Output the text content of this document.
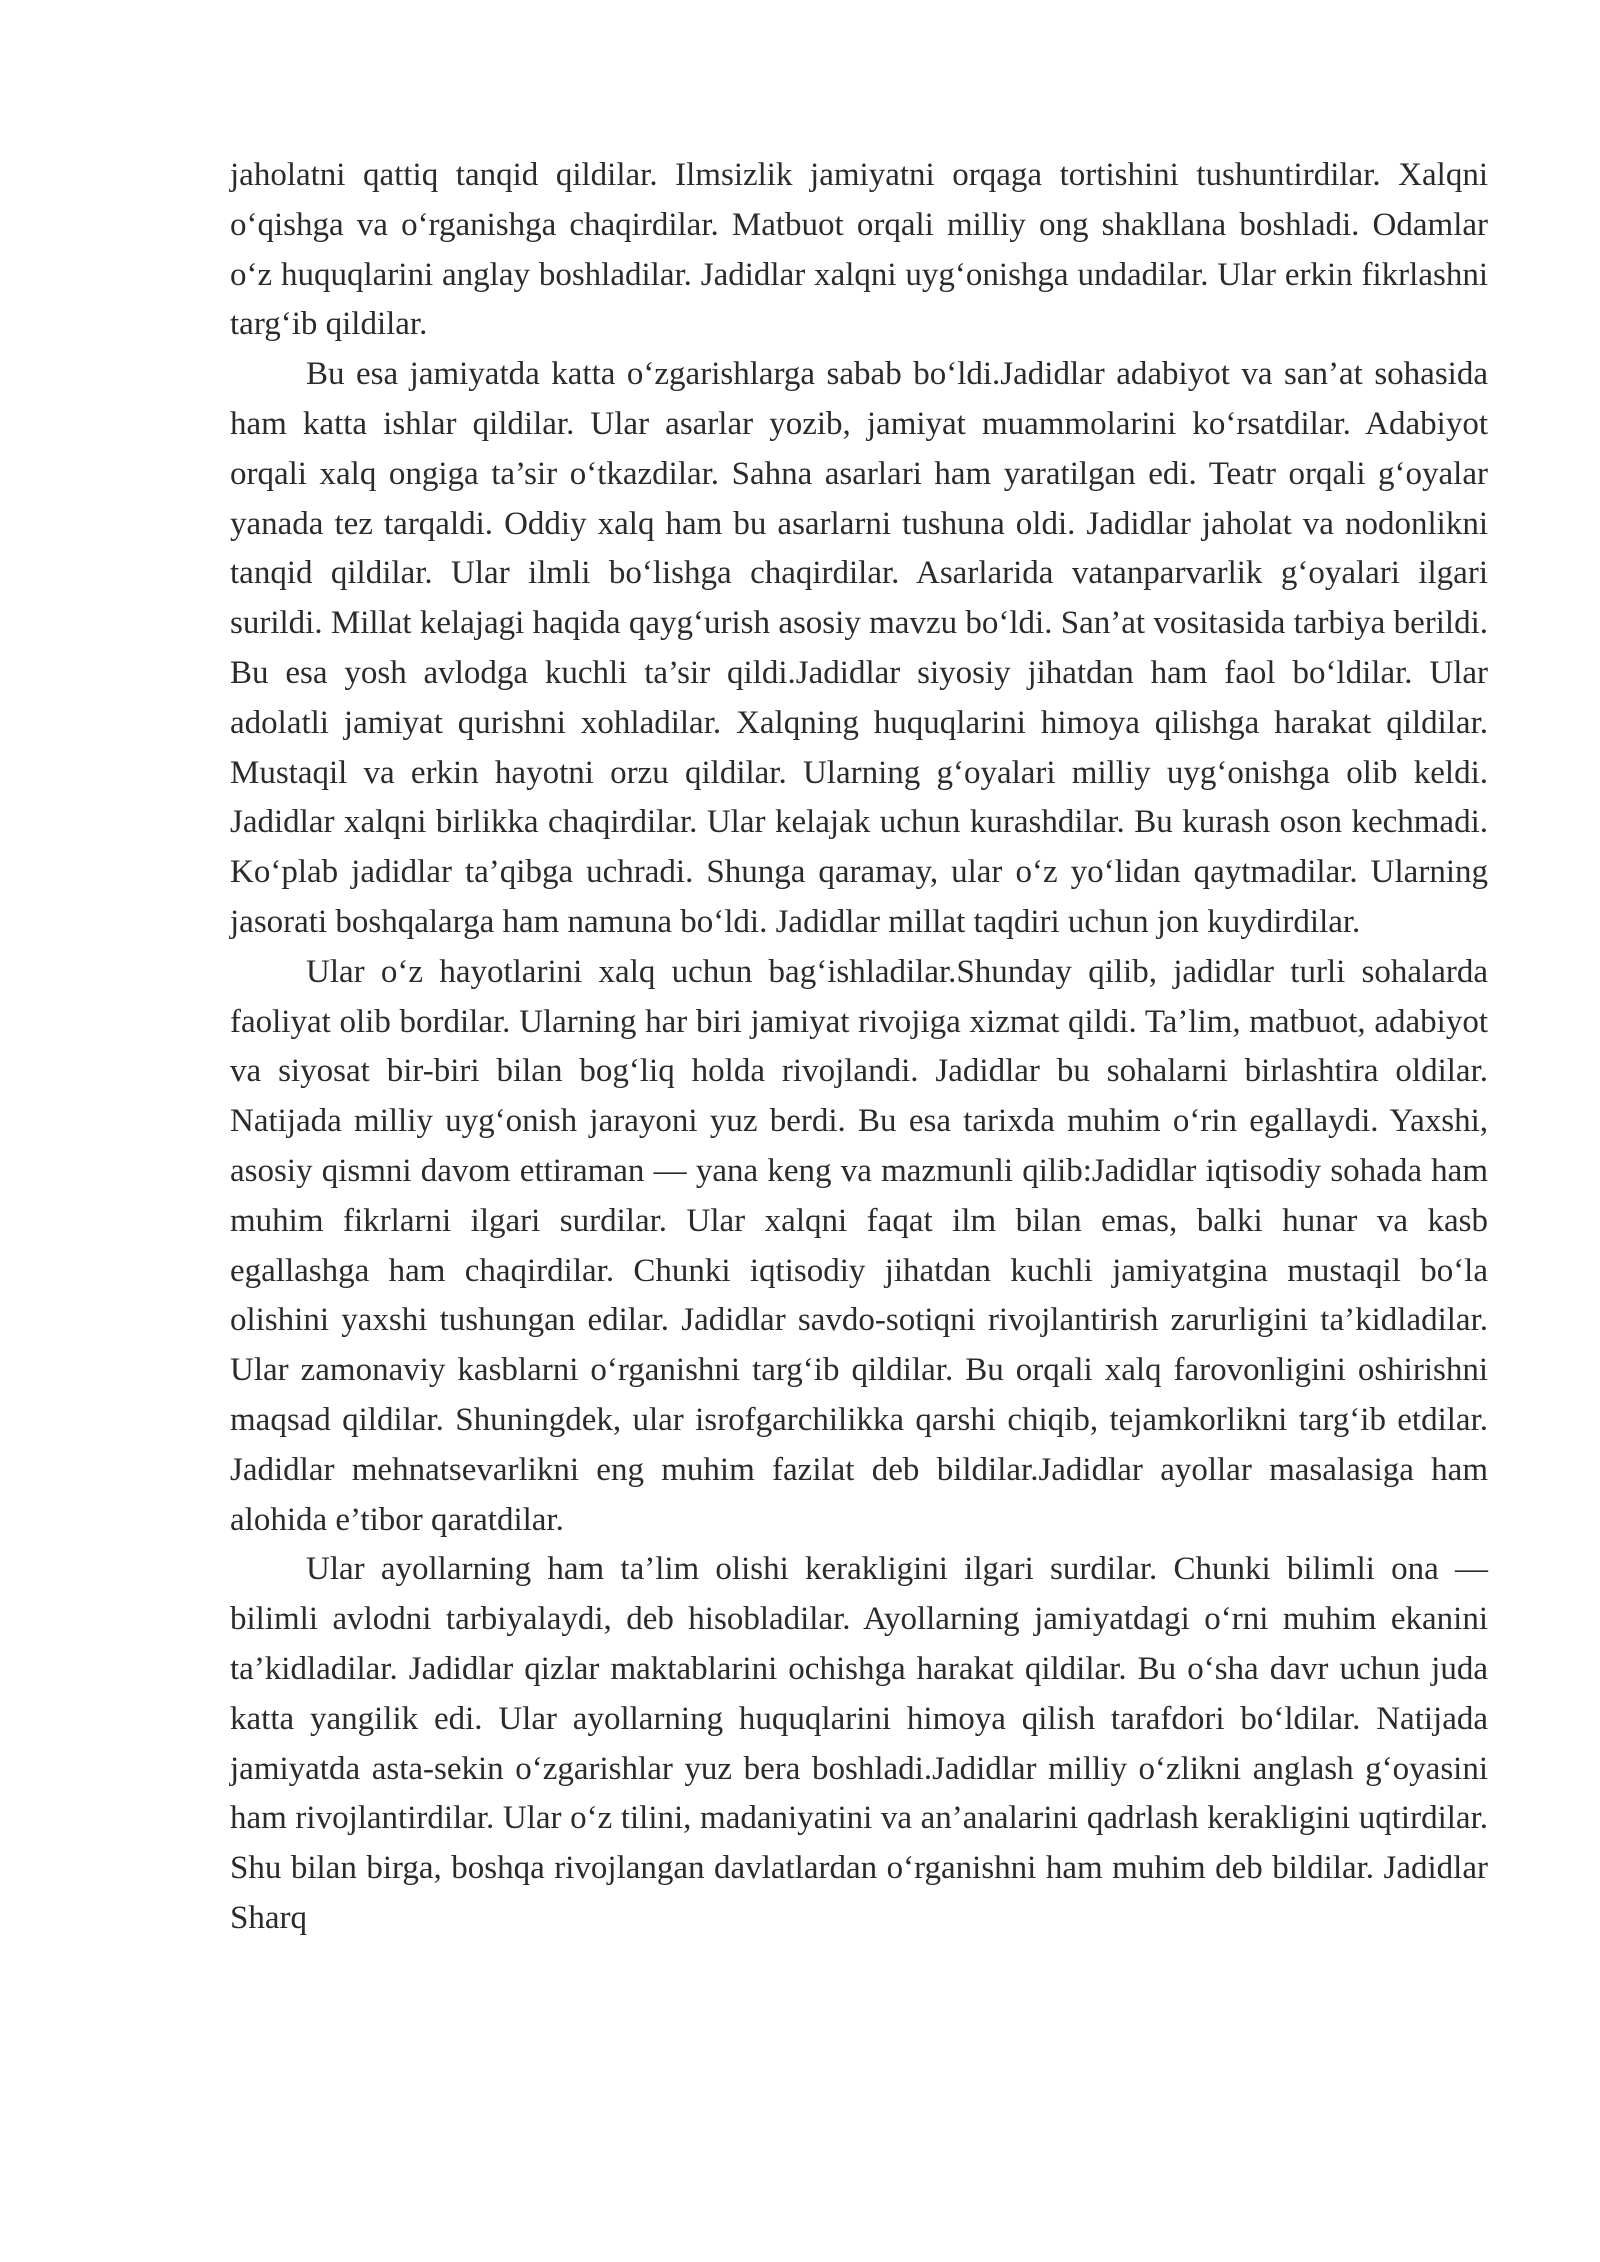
jaholatni qattiq tanqid qildilar. Ilmsizlik jamiyatni orqaga tortishini tushuntirdilar. Xalqni o‘qishga va o‘rganishga chaqirdilar. Matbuot orqali milliy ong shakllana boshladi. Odamlar o‘z huquqlarini anglay boshladilar. Jadidlar xalqni uyg‘onishga undadilar. Ular erkin fikrlashni targ‘ib qildilar.

Bu esa jamiyatda katta o‘zgarishlarga sabab bo‘ldi.Jadidlar adabiyot va san’at sohasida ham katta ishlar qildilar. Ular asarlar yozib, jamiyat muammolarini ko‘rsatdilar. Adabiyot orqali xalq ongiga ta’sir o‘tkazdilar. Sahna asarlari ham yaratilgan edi. Teatr orqali g‘oyalar yanada tez tarqaldi. Oddiy xalq ham bu asarlarni tushuna oldi. Jadidlar jaholat va nodonlikni tanqid qildilar. Ular ilmli bo‘lishga chaqirdilar. Asarlarida vatanparvarlik g‘oyalari ilgari surildi. Millat kelajagi haqida qayg‘urish asosiy mavzu bo‘ldi. San’at vositasida tarbiya berildi. Bu esa yosh avlodga kuchli ta’sir qildi.Jadidlar siyosiy jihatdan ham faol bo‘ldilar. Ular adolatli jamiyat qurishni xohladilar. Xalqning huquqlarini himoya qilishga harakat qildilar. Mustaqil va erkin hayotni orzu qildilar. Ularning g‘oyalari milliy uyg‘onishga olib keldi. Jadidlar xalqni birlikka chaqirdilar. Ular kelajak uchun kurashdilar. Bu kurash oson kechmadi. Ko‘plab jadidlar ta’qibga uchradi. Shunga qaramay, ular o‘z yo‘lidan qaytmadilar. Ularning jasorati boshqalarga ham namuna bo‘ldi. Jadidlar millat taqdiri uchun jon kuydirdilar.

Ular o‘z hayotlarini xalq uchun bag‘ishladilar.Shunday qilib, jadidlar turli sohalarda faoliyat olib bordilar. Ularning har biri jamiyat rivojiga xizmat qildi. Ta’lim, matbuot, adabiyot va siyosat bir-biri bilan bog‘liq holda rivojlandi. Jadidlar bu sohalarni birlashtira oldilar. Natijada milliy uyg‘onish jarayoni yuz berdi. Bu esa tarixda muhim o‘rin egallaydi. Yaxshi, asosiy qismni davom ettiraman — yana keng va mazmunli qilib:Jadidlar iqtisodiy sohada ham muhim fikrlarni ilgari surdilar. Ular xalqni faqat ilm bilan emas, balki hunar va kasb egallashga ham chaqirdilar. Chunki iqtisodiy jihatdan kuchli jamiyatgina mustaqil bo‘la olishini yaxshi tushungan edilar. Jadidlar savdo-sotiqni rivojlantirish zarurligini ta’kidladilar. Ular zamonaviy kasblarni o‘rganishni targ‘ib qildilar. Bu orqali xalq farovonligini oshirishni maqsad qildilar. Shuningdek, ular isrofgarchilikka qarshi chiqib, tejamkorlikni targ‘ib etdilar. Jadidlar mehnatsevarlikni eng muhim fazilat deb bildilar.Jadidlar ayollar masalasiga ham alohida e’tibor qaratdilar.

Ular ayollarning ham ta’lim olishi kerakligini ilgari surdilar. Chunki bilimli ona — bilimli avlodni tarbiyalaydi, deb hisobladilar. Ayollarning jamiyatdagi o‘rni muhim ekanini ta’kidladilar. Jadidlar qizlar maktablarini ochishga harakat qildilar. Bu o‘sha davr uchun juda katta yangilik edi. Ular ayollarning huquqlarini himoya qilish tarafdori bo‘ldilar. Natijada jamiyatda asta-sekin o‘zgarishlar yuz bera boshladi.Jadidlar milliy o‘zlikni anglash g‘oyasini ham rivojlantirdilar. Ular o‘z tilini, madaniyatini va an’analarini qadrlash kerakligini uqtirdilar. Shu bilan birga, boshqa rivojlangan davlatlardan o‘rganishni ham muhim deb bildilar. Jadidlar Sharq
